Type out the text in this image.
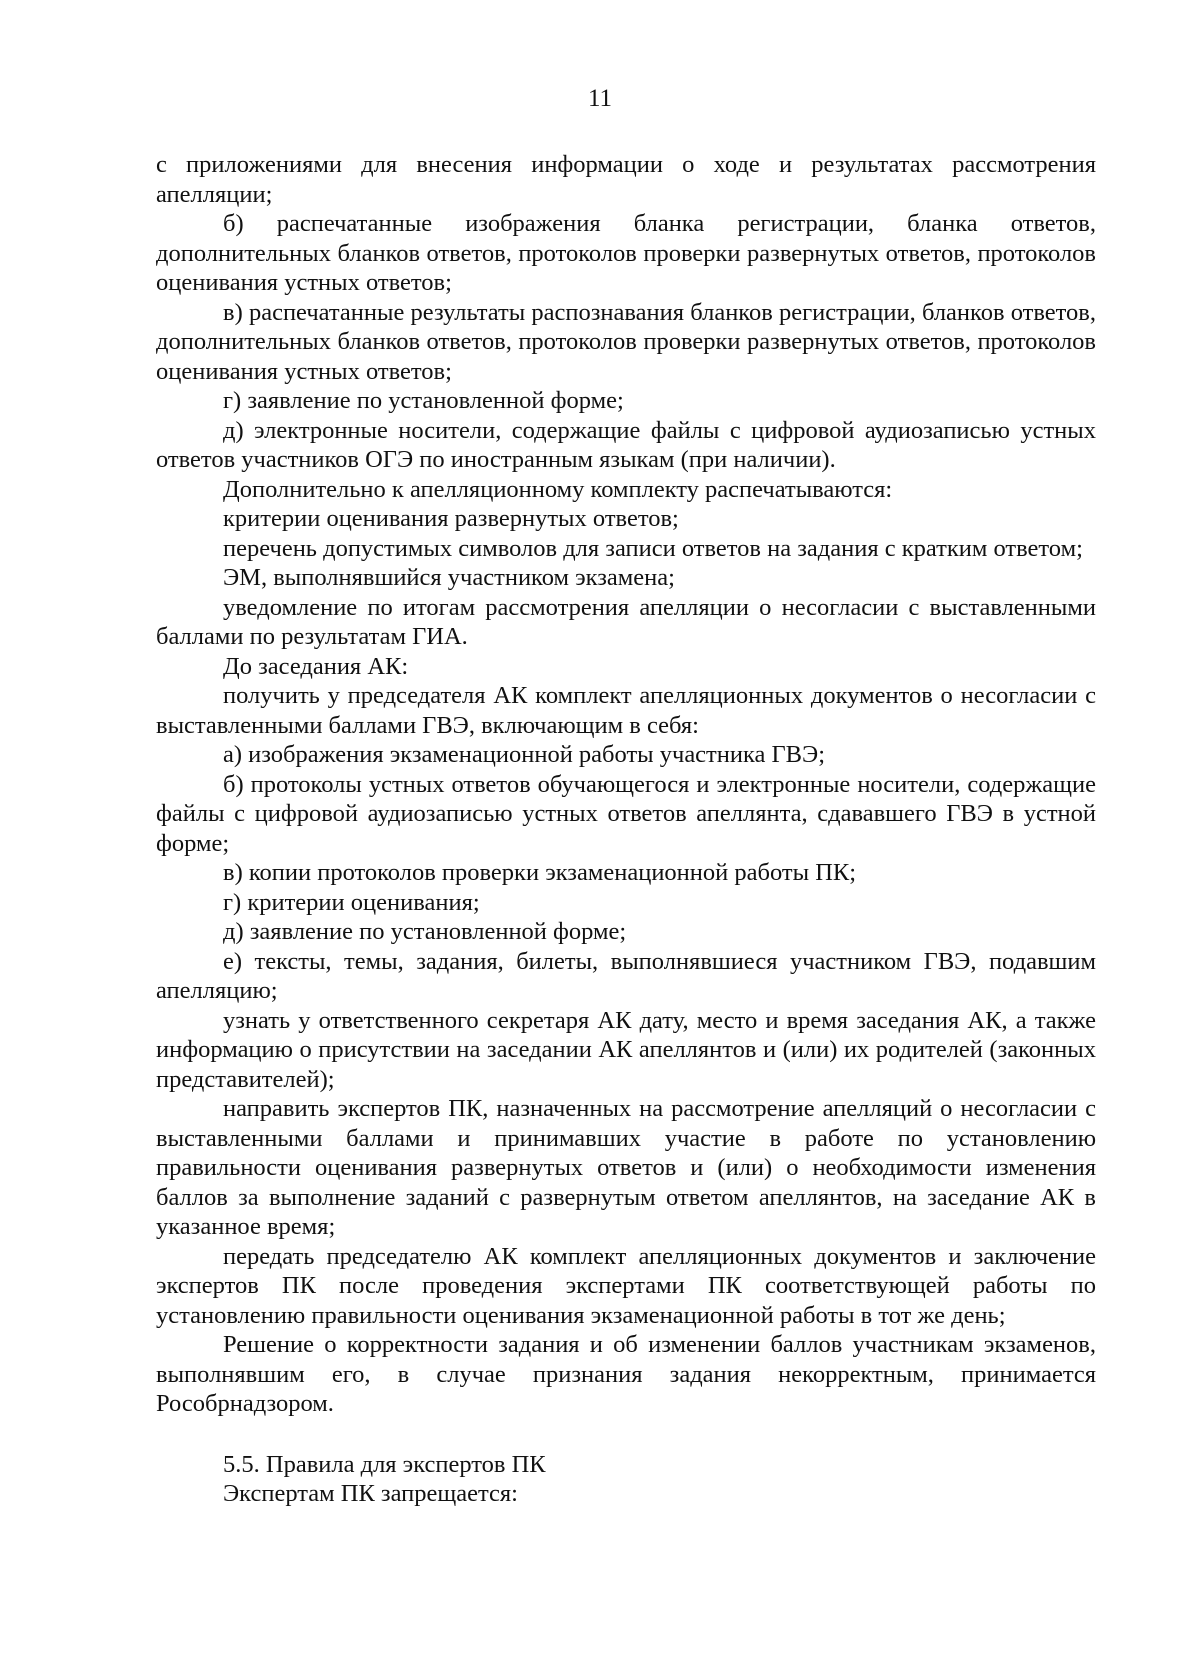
11

с приложениями для внесения информации о ходе и результатах рассмотрения апелляции;

б) распечатанные изображения бланка регистрации, бланка ответов, дополнительных бланков ответов, протоколов проверки развернутых ответов, протоколов оценивания устных ответов;

в) распечатанные результаты распознавания бланков регистрации, бланков ответов, дополнительных бланков ответов, протоколов проверки развернутых ответов, протоколов оценивания устных ответов;

г) заявление по установленной форме;

д) электронные носители, содержащие файлы с цифровой аудиозаписью устных ответов участников ОГЭ по иностранным языкам (при наличии).

Дополнительно к апелляционному комплекту распечатываются:

критерии оценивания развернутых ответов;

перечень допустимых символов для записи ответов на задания с кратким ответом;

ЭМ, выполнявшийся участником экзамена;

уведомление по итогам рассмотрения апелляции о несогласии с выставленными баллами по результатам ГИА.

До заседания АК:

получить у председателя АК комплект апелляционных документов о несогласии с выставленными баллами ГВЭ, включающим в себя:

а) изображения экзаменационной работы участника ГВЭ;

б) протоколы устных ответов обучающегося и электронные носители, содержащие файлы с цифровой аудиозаписью устных ответов апеллянта, сдававшего ГВЭ в устной форме;

в) копии протоколов проверки экзаменационной работы ПК;

г) критерии оценивания;

д) заявление по установленной форме;

е) тексты, темы, задания, билеты, выполнявшиеся участником ГВЭ, подавшим апелляцию;

узнать у ответственного секретаря АК дату, место и время заседания АК, а также информацию о присутствии на заседании АК апеллянтов и (или) их родителей (законных представителей);

направить экспертов ПК, назначенных на рассмотрение апелляций о несогласии с выставленными баллами и принимавших участие в работе по установлению правильности оценивания развернутых ответов и (или) о необходимости изменения баллов за выполнение заданий с развернутым ответом апеллянтов, на заседание АК в указанное время;

передать председателю АК комплект апелляционных документов и заключение экспертов ПК после проведения экспертами ПК соответствующей работы по установлению правильности оценивания экзаменационной работы в тот же день;

Решение о корректности задания и об изменении баллов участникам экзаменов, выполнявшим его, в случае признания задания некорректным, принимается Рособрнадзором.

5.5. Правила для экспертов ПК

Экспертам ПК запрещается:
